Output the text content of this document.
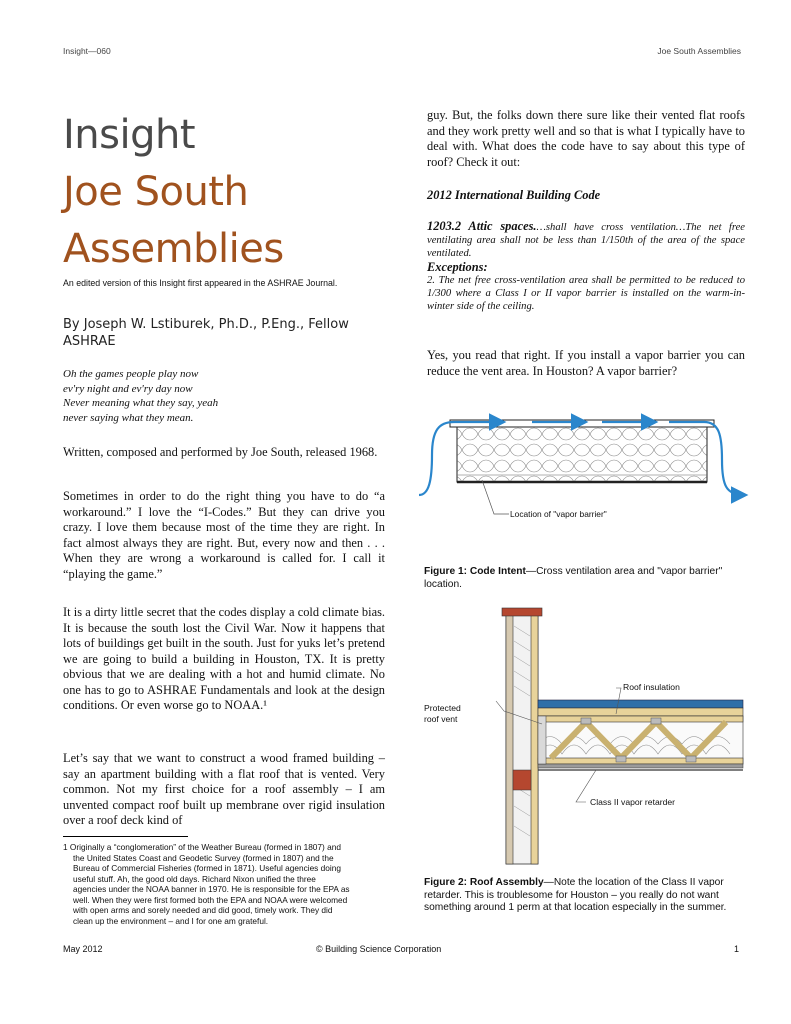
Insight—060	Joe South Assemblies
Insight
Joe South
Assemblies

An edited version of this Insight first appeared in the ASHRAE Journal.

By Joseph W. Lstiburek, Ph.D., P.Eng., Fellow ASHRAE
Oh the games people play now
ev'ry night and ev'ry day now
Never meaning what they say, yeah
never saying what they mean.

Written, composed and performed by Joe South, released 1968.

Sometimes in order to do the right thing you have to do “a workaround.” I love the “I-Codes.” But they can drive you crazy. I love them because most of the time they are right. In fact almost always they are right. But, every now and then . . . When they are wrong a workaround is called for. I call it “playing the game.”

It is a dirty little secret that the codes display a cold climate bias. It is because the south lost the Civil War. Now it happens that lots of buildings get built in the south. Just for yuks let’s pretend we are going to build a building in Houston, TX. It is pretty obvious that we are dealing with a hot and humid climate. No one has to go to ASHRAE Fundamentals and look at the design conditions. Or even worse go to NOAA.¹

Let’s say that we want to construct a wood framed building – say an apartment building with a flat roof that is vented. Very common. Not my first choice for a roof assembly – I am unvented compact roof built up membrane over rigid insulation over a roof deck kind of

1 Originally a “conglomeration” of the Weather Bureau (formed in 1807) and
the United States Coast and Geodetic Survey (formed in 1807) and the
Bureau of Commercial Fisheries (formed in 1871). Useful agencies doing
useful stuff. Ah, the good old days. Richard Nixon unified the three
agencies under the NOAA banner in 1970. He is responsible for the EPA as
well. When they were first formed both the EPA and NOAA were welcomed
with open arms and sorely needed and did good, timely work. They did
clean up the environment – and I for one am grateful.

guy. But, the folks down there sure like their vented flat roofs and they work pretty well and so that is what I typically have to deal with. What does the code have to say about this type of roof? Check it out:

2012 International Building Code
1203.2 Attic spaces.…shall have cross ventilation…The net free ventilating area shall not be less than 1/150th of the area of the space ventilated.
Exceptions:
2. The net free cross-ventilation area shall be permitted to be reduced to 1/300 where a Class I or II vapor barrier is installed on the warm-in-winter side of the ceiling.

Yes, you read that right. If you install a vapor barrier you can reduce the vent area. In Houston? A vapor barrier?

Location of "vapor barrier"

Figure 1: Code Intent—Cross ventilation area and "vapor barrier" location.

Roof insulation
Protected
roof vent
Class II vapor retarder

Figure 2: Roof Assembly—Note the location of the Class II vapor retarder. This is troublesome for Houston – you really do not want something around 1 perm at that location especially in the summer.

May 2012	© Building Science Corporation	1
